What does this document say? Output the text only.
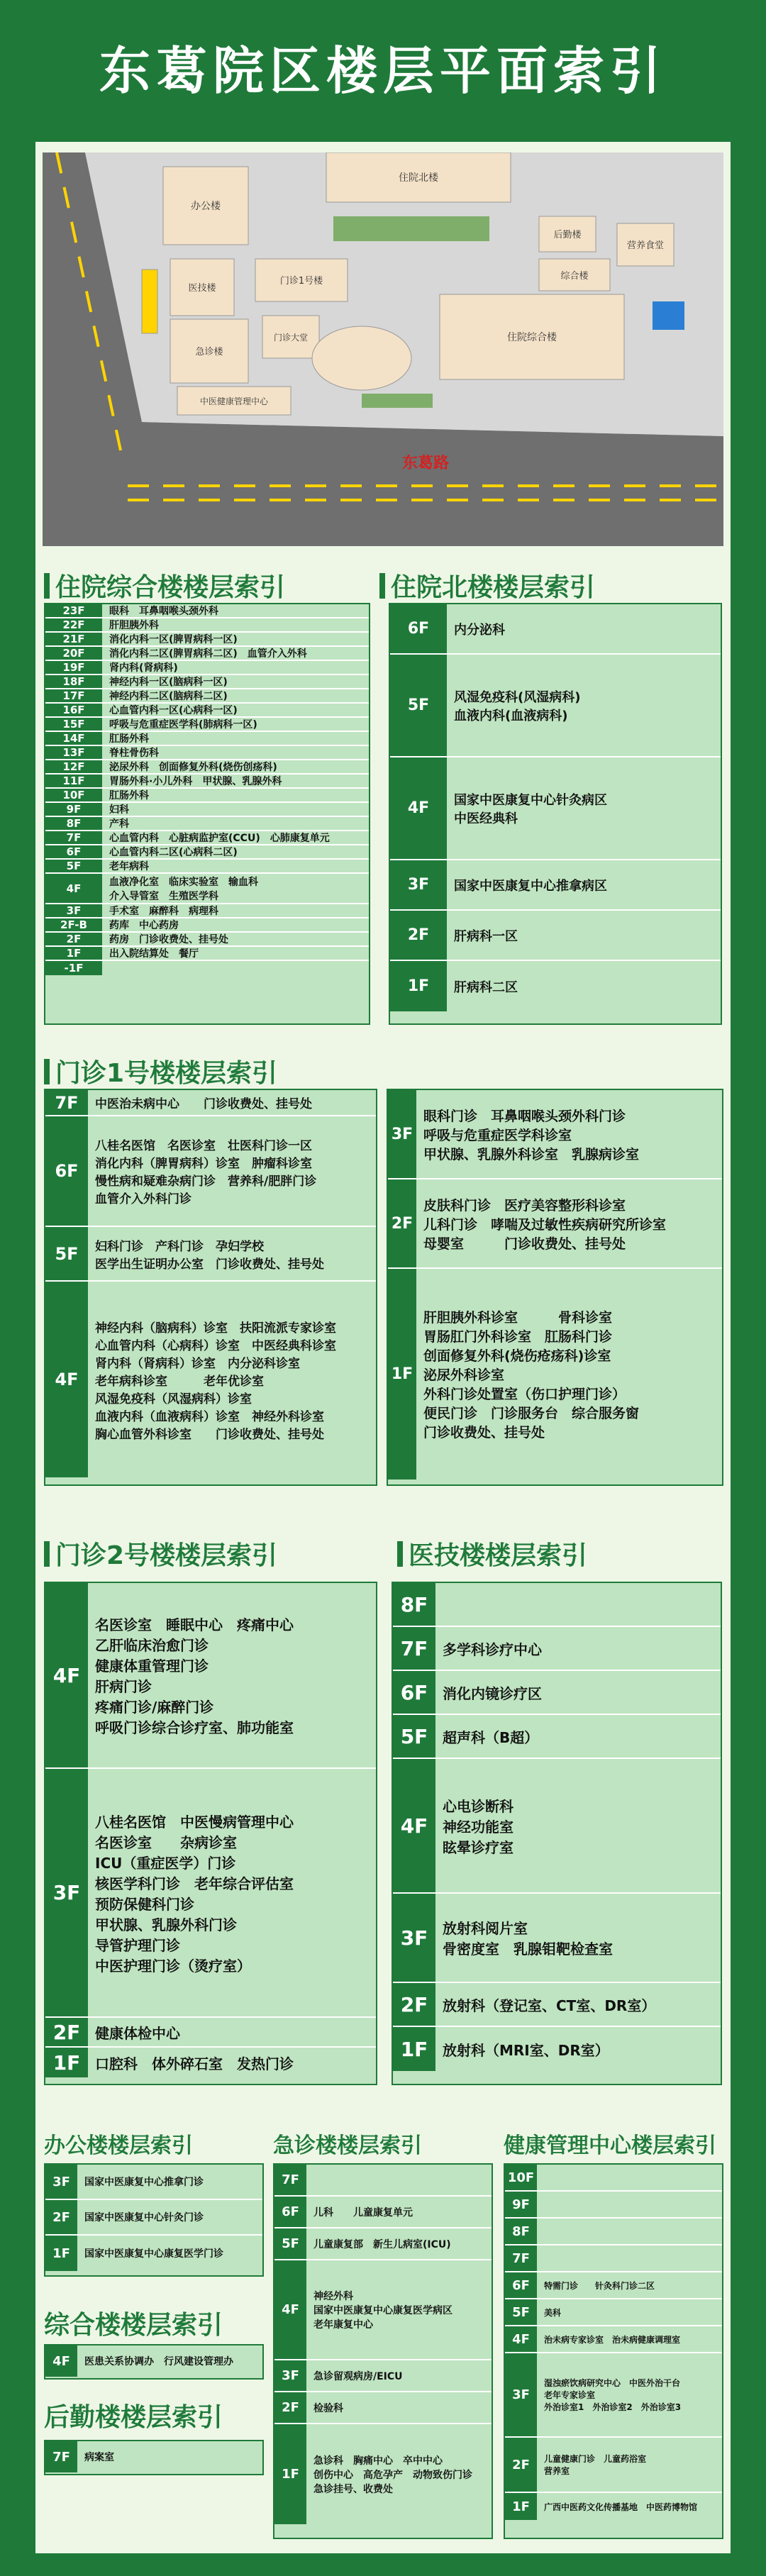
东葛院区楼层平面索引
办公楼
住院北楼
后勤楼
营养食堂
医技楼
门诊1号楼
急诊楼
门诊大堂	住院综合楼
综合楼
中医健康管理中心
东葛路
住院综合楼楼层索引	住院北楼楼层索引
门诊1号楼楼层索引
门诊2号楼楼层索引	医技楼楼层索引
办公楼楼层索引	急诊楼楼层索引	健康管理中心楼层索引
综合楼楼层索引
后勤楼楼层索引
23F	眼科　耳鼻咽喉头颈外科
22F	肝胆胰外科
21F	消化内科一区(脾胃病科一区)
20F	消化内科二区(脾胃病科二区)　血管介入外科
19F	肾内科(肾病科)
18F	神经内科一区(脑病科一区)
17F	神经内科二区(脑病科二区)
16F	心血管内科一区(心病科一区)
15F	呼吸与危重症医学科(肺病科一区)
14F	肛肠外科
13F	脊柱骨伤科
12F	泌尿外科　创面修复外科(烧伤创疡科)
11F	胃肠外科·小儿外科　甲状腺、乳腺外科
10F	肛肠外科
9F	妇科
8F	产科
7F	心血管内科　心脏病监护室(CCU)　心肺康复单元
6F	心血管内科二区(心病科二区)
5F	老年病科
4F	血液净化室　临床实验室　输血科
介入导管室　生殖医学科
3F	手术室　麻醉科　病理科
2F-B	药库　中心药房
2F	药房　门诊收费处、挂号处
1F	出入院结算处　餐厅
-1F
6F	内分泌科
5F	风湿免疫科(风湿病科)
血液内科(血液病科)
4F	国家中医康复中心针灸病区
中医经典科
3F	国家中医康复中心推拿病区
2F	肝病科一区
1F	肝病科二区
7F	中医治未病中心　　门诊收费处、挂号处
6F
八桂名医馆　名医诊室　壮医科门诊一区
消化内科（脾胃病科）诊室　肿瘤科诊室
慢性病和疑难杂病门诊　营养科/肥胖门诊
血管介入外科门诊
5F	妇科门诊　产科门诊　孕妇学校
医学出生证明办公室　门诊收费处、挂号处
4F
神经内科（脑病科）诊室　扶阳流派专家诊室
心血管内科（心病科）诊室　中医经典科诊室
肾内科（肾病科）诊室　内分泌科诊室
老年病科诊室　　　老年优诊室
风湿免疫科（风湿病科）诊室
血液内科（血液病科）诊室　神经外科诊室
胸心血管外科诊室　　门诊收费处、挂号处
3F
眼科门诊　耳鼻咽喉头颈外科门诊
呼吸与危重症医学科诊室
甲状腺、乳腺外科诊室　乳腺病诊室
2F
皮肤科门诊　医疗美容整形科诊室
儿科门诊　哮喘及过敏性疾病研究所诊室
母婴室　　　门诊收费处、挂号处
1F
肝胆胰外科诊室　　　骨科诊室
胃肠肛门外科诊室　肛肠科门诊
创面修复外科(烧伤疮疡科)诊室
泌尿外科诊室
外科门诊处置室（伤口护理门诊）
便民门诊　门诊服务台　综合服务窗
门诊收费处、挂号处
4F
名医诊室　睡眠中心　疼痛中心
乙肝临床治愈门诊
健康体重管理门诊
肝病门诊
疼痛门诊/麻醉门诊
呼吸门诊综合诊疗室、肺功能室
3F
八桂名医馆　中医慢病管理中心
名医诊室　　杂病诊室
ICU（重症医学）门诊
核医学科门诊　老年综合评估室
预防保健科门诊
甲状腺、乳腺外科门诊
导管护理门诊
中医护理门诊（烫疗室）
2F	健康体检中心
1F	口腔科　体外碎石室　发热门诊
8F
7F	多学科诊疗中心
6F	消化内镜诊疗区
5F	超声科（B超）
4F
心电诊断科
神经功能室
眩晕诊疗室
3F	放射科阅片室
骨密度室　乳腺钼靶检查室
2F	放射科（登记室、CT室、DR室）
1F	放射科（MRI室、DR室）
3F	国家中医康复中心推拿门诊
2F	国家中医康复中心针灸门诊
1F	国家中医康复中心康复医学门诊
7F
6F	儿科　　儿童康复单元
5F	儿童康复部　新生儿病室(ICU)
4F
神经外科
国家中医康复中心康复医学病区
老年康复中心
3F	急诊留观病房/EICU
2F	检验科
1F
急诊科　胸痛中心　卒中中心
创伤中心　高危孕产　动物致伤门诊
急诊挂号、收费处
10F
9F
8F
7F
6F	特需门诊　　针灸科门诊二区
5F	美科
4F	治未病专家诊室　治未病健康调理室
3F
湿浊瘀饮病研究中心　中医外治干台
老年专家诊室
外治诊室1　外治诊室2　外治诊室3
2F	儿童健康门诊　儿童药浴室
营养室
1F	广西中医药文化传播基地　中医药博物馆
4F	医患关系协调办　行风建设管理办
7F	病案室
